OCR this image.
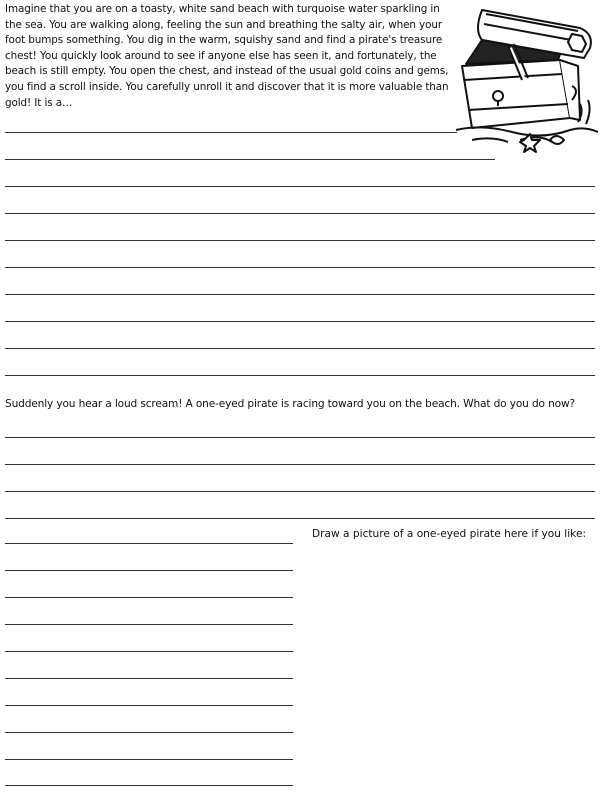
Imagine that you are on a toasty, white sand beach with turquoise water sparkling in the sea. You are walking along, feeling the sun and breathing the salty air, when your foot bumps something. You dig in the warm, squishy sand and find a pirate's treasure chest! You quickly look around to see if anyone else has seen it, and fortunately, the beach is still empty. You open the chest, and instead of the usual gold coins and gems, you find a scroll inside. You carefully unroll it and discover that it is more valuable than gold! It is a…

Suddenly you hear a loud scream! A one-eyed pirate is racing toward you on the beach. What do you do now?

Draw a picture of a one-eyed pirate here if you like:
